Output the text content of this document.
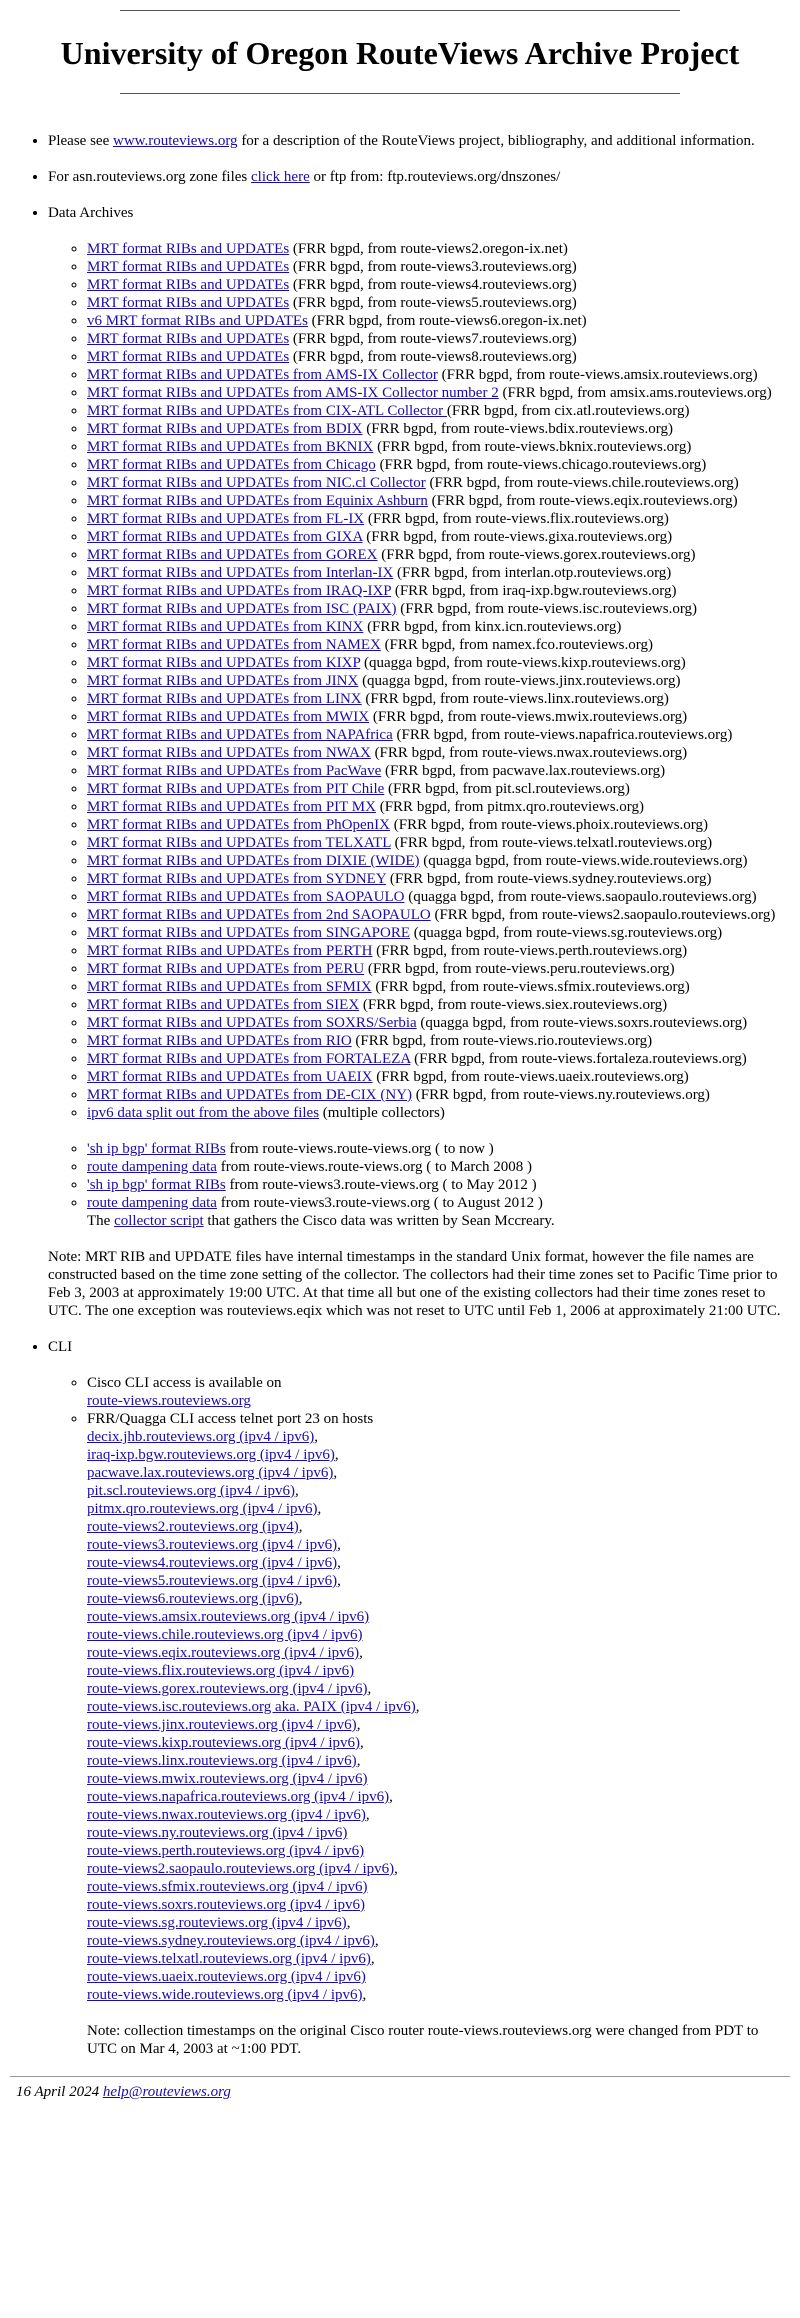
University of Oregon RouteViews Archive Project
• Please see www.routeviews.org for a description of the RouteViews project, bibliography, and additional information.
• For asn.routeviews.org zone files click here or ftp from: ftp.routeviews.org/dnszones/
• Data Archives
◦ MRT format RIBs and UPDATEs (FRR bgpd, from route-views2.oregon-ix.net)
◦ MRT format RIBs and UPDATEs (FRR bgpd, from route-views3.routeviews.org)
◦ MRT format RIBs and UPDATEs (FRR bgpd, from route-views4.routeviews.org)
◦ MRT format RIBs and UPDATEs (FRR bgpd, from route-views5.routeviews.org)
◦ v6 MRT format RIBs and UPDATEs (FRR bgpd, from route-views6.oregon-ix.net)
◦ MRT format RIBs and UPDATEs (FRR bgpd, from route-views7.routeviews.org)
◦ MRT format RIBs and UPDATEs (FRR bgpd, from route-views8.routeviews.org)
◦ MRT format RIBs and UPDATEs from AMS-IX Collector (FRR bgpd, from route-views.amsix.routeviews.org)
◦ MRT format RIBs and UPDATEs from AMS-IX Collector number 2 (FRR bgpd, from amsix.ams.routeviews.org)
◦ MRT format RIBs and UPDATEs from CIX-ATL Collector (FRR bgpd, from cix.atl.routeviews.org)
◦ MRT format RIBs and UPDATEs from BDIX (FRR bgpd, from route-views.bdix.routeviews.org)
◦ MRT format RIBs and UPDATEs from BKNIX (FRR bgpd, from route-views.bknix.routeviews.org)
◦ MRT format RIBs and UPDATEs from Chicago (FRR bgpd, from route-views.chicago.routeviews.org)
◦ MRT format RIBs and UPDATEs from NIC.cl Collector (FRR bgpd, from route-views.chile.routeviews.org)
◦ MRT format RIBs and UPDATEs from Equinix Ashburn (FRR bgpd, from route-views.eqix.routeviews.org)
◦ MRT format RIBs and UPDATEs from FL-IX (FRR bgpd, from route-views.flix.routeviews.org)
◦ MRT format RIBs and UPDATEs from GIXA (FRR bgpd, from route-views.gixa.routeviews.org)
◦ MRT format RIBs and UPDATEs from GOREX (FRR bgpd, from route-views.gorex.routeviews.org)
◦ MRT format RIBs and UPDATEs from Interlan-IX (FRR bgpd, from interlan.otp.routeviews.org)
◦ MRT format RIBs and UPDATEs from IRAQ-IXP (FRR bgpd, from iraq-ixp.bgw.routeviews.org)
◦ MRT format RIBs and UPDATEs from ISC (PAIX) (FRR bgpd, from route-views.isc.routeviews.org)
◦ MRT format RIBs and UPDATEs from KINX (FRR bgpd, from kinx.icn.routeviews.org)
◦ MRT format RIBs and UPDATEs from NAMEX (FRR bgpd, from namex.fco.routeviews.org)
◦ MRT format RIBs and UPDATEs from KIXP (quagga bgpd, from route-views.kixp.routeviews.org)
◦ MRT format RIBs and UPDATEs from JINX (quagga bgpd, from route-views.jinx.routeviews.org)
◦ MRT format RIBs and UPDATEs from LINX (FRR bgpd, from route-views.linx.routeviews.org)
◦ MRT format RIBs and UPDATEs from MWIX (FRR bgpd, from route-views.mwix.routeviews.org)
◦ MRT format RIBs and UPDATEs from NAPAfrica (FRR bgpd, from route-views.napafrica.routeviews.org)
◦ MRT format RIBs and UPDATEs from NWAX (FRR bgpd, from route-views.nwax.routeviews.org)
◦ MRT format RIBs and UPDATEs from PacWave (FRR bgpd, from pacwave.lax.routeviews.org)
◦ MRT format RIBs and UPDATEs from PIT Chile (FRR bgpd, from pit.scl.routeviews.org)
◦ MRT format RIBs and UPDATEs from PIT MX (FRR bgpd, from pitmx.qro.routeviews.org)
◦ MRT format RIBs and UPDATEs from PhOpenIX (FRR bgpd, from route-views.phoix.routeviews.org)
◦ MRT format RIBs and UPDATEs from TELXATL (FRR bgpd, from route-views.telxatl.routeviews.org)
◦ MRT format RIBs and UPDATEs from DIXIE (WIDE) (quagga bgpd, from route-views.wide.routeviews.org)
◦ MRT format RIBs and UPDATEs from SYDNEY (FRR bgpd, from route-views.sydney.routeviews.org)
◦ MRT format RIBs and UPDATEs from SAOPAULO (quagga bgpd, from route-views.saopaulo.routeviews.org)
◦ MRT format RIBs and UPDATEs from 2nd SAOPAULO (FRR bgpd, from route-views2.saopaulo.routeviews.org)
◦ MRT format RIBs and UPDATEs from SINGAPORE (quagga bgpd, from route-views.sg.routeviews.org)
◦ MRT format RIBs and UPDATEs from PERTH (FRR bgpd, from route-views.perth.routeviews.org)
◦ MRT format RIBs and UPDATEs from PERU (FRR bgpd, from route-views.peru.routeviews.org)
◦ MRT format RIBs and UPDATEs from SFMIX (FRR bgpd, from route-views.sfmix.routeviews.org)
◦ MRT format RIBs and UPDATEs from SIEX (FRR bgpd, from route-views.siex.routeviews.org)
◦ MRT format RIBs and UPDATEs from SOXRS/Serbia (quagga bgpd, from route-views.soxrs.routeviews.org)
◦ MRT format RIBs and UPDATEs from RIO (FRR bgpd, from route-views.rio.routeviews.org)
◦ MRT format RIBs and UPDATEs from FORTALEZA (FRR bgpd, from route-views.fortaleza.routeviews.org)
◦ MRT format RIBs and UPDATEs from UAEIX (FRR bgpd, from route-views.uaeix.routeviews.org)
◦ MRT format RIBs and UPDATEs from DE-CIX (NY) (FRR bgpd, from route-views.ny.routeviews.org)
◦ ipv6 data split out from the above files (multiple collectors)
◦ 'sh ip bgp' format RIBs from route-views.route-views.org ( to now )
◦ route dampening data from route-views.route-views.org ( to March 2008 )
◦ 'sh ip bgp' format RIBs from route-views3.route-views.org ( to May 2012 )
◦ route dampening data from route-views3.route-views.org ( to August 2012 )
The collector script that gathers the Cisco data was written by Sean Mccreary.

Note: MRT RIB and UPDATE files have internal timestamps in the standard Unix format, however the file names are constructed based on the time zone setting of the collector. The collectors had their time zones set to Pacific Time prior to Feb 3, 2003 at approximately 19:00 UTC. At that time all but one of the existing collectors had their time zones reset to UTC. The one exception was routeviews.eqix which was not reset to UTC until Feb 1, 2006 at approximately 21:00 UTC.

• CLI
◦ Cisco CLI access is available on
route-views.routeviews.org
◦ FRR/Quagga CLI access telnet port 23 on hosts
decix.jhb.routeviews.org (ipv4 / ipv6),
iraq-ixp.bgw.routeviews.org (ipv4 / ipv6),
pacwave.lax.routeviews.org (ipv4 / ipv6),
pit.scl.routeviews.org (ipv4 / ipv6),
pitmx.qro.routeviews.org (ipv4 / ipv6),
route-views2.routeviews.org (ipv4),
route-views3.routeviews.org (ipv4 / ipv6),
route-views4.routeviews.org (ipv4 / ipv6),
route-views5.routeviews.org (ipv4 / ipv6),
route-views6.routeviews.org (ipv6),
route-views.amsix.routeviews.org (ipv4 / ipv6)
route-views.chile.routeviews.org (ipv4 / ipv6)
route-views.eqix.routeviews.org (ipv4 / ipv6),
route-views.flix.routeviews.org (ipv4 / ipv6)
route-views.gorex.routeviews.org (ipv4 / ipv6),
route-views.isc.routeviews.org aka. PAIX (ipv4 / ipv6),
route-views.jinx.routeviews.org (ipv4 / ipv6),
route-views.kixp.routeviews.org (ipv4 / ipv6),
route-views.linx.routeviews.org (ipv4 / ipv6),
route-views.mwix.routeviews.org (ipv4 / ipv6)
route-views.napafrica.routeviews.org (ipv4 / ipv6),
route-views.nwax.routeviews.org (ipv4 / ipv6),
route-views.ny.routeviews.org (ipv4 / ipv6)
route-views.perth.routeviews.org (ipv4 / ipv6)
route-views2.saopaulo.routeviews.org (ipv4 / ipv6),
route-views.sfmix.routeviews.org (ipv4 / ipv6)
route-views.soxrs.routeviews.org (ipv4 / ipv6)
route-views.sg.routeviews.org (ipv4 / ipv6),
route-views.sydney.routeviews.org (ipv4 / ipv6),
route-views.telxatl.routeviews.org (ipv4 / ipv6),
route-views.uaeix.routeviews.org (ipv4 / ipv6)
route-views.wide.routeviews.org (ipv4 / ipv6),

Note: collection timestamps on the original Cisco router route-views.routeviews.org were changed from PDT to UTC on Mar 4, 2003 at ~1:00 PDT.

16 April 2024 help@routeviews.org
